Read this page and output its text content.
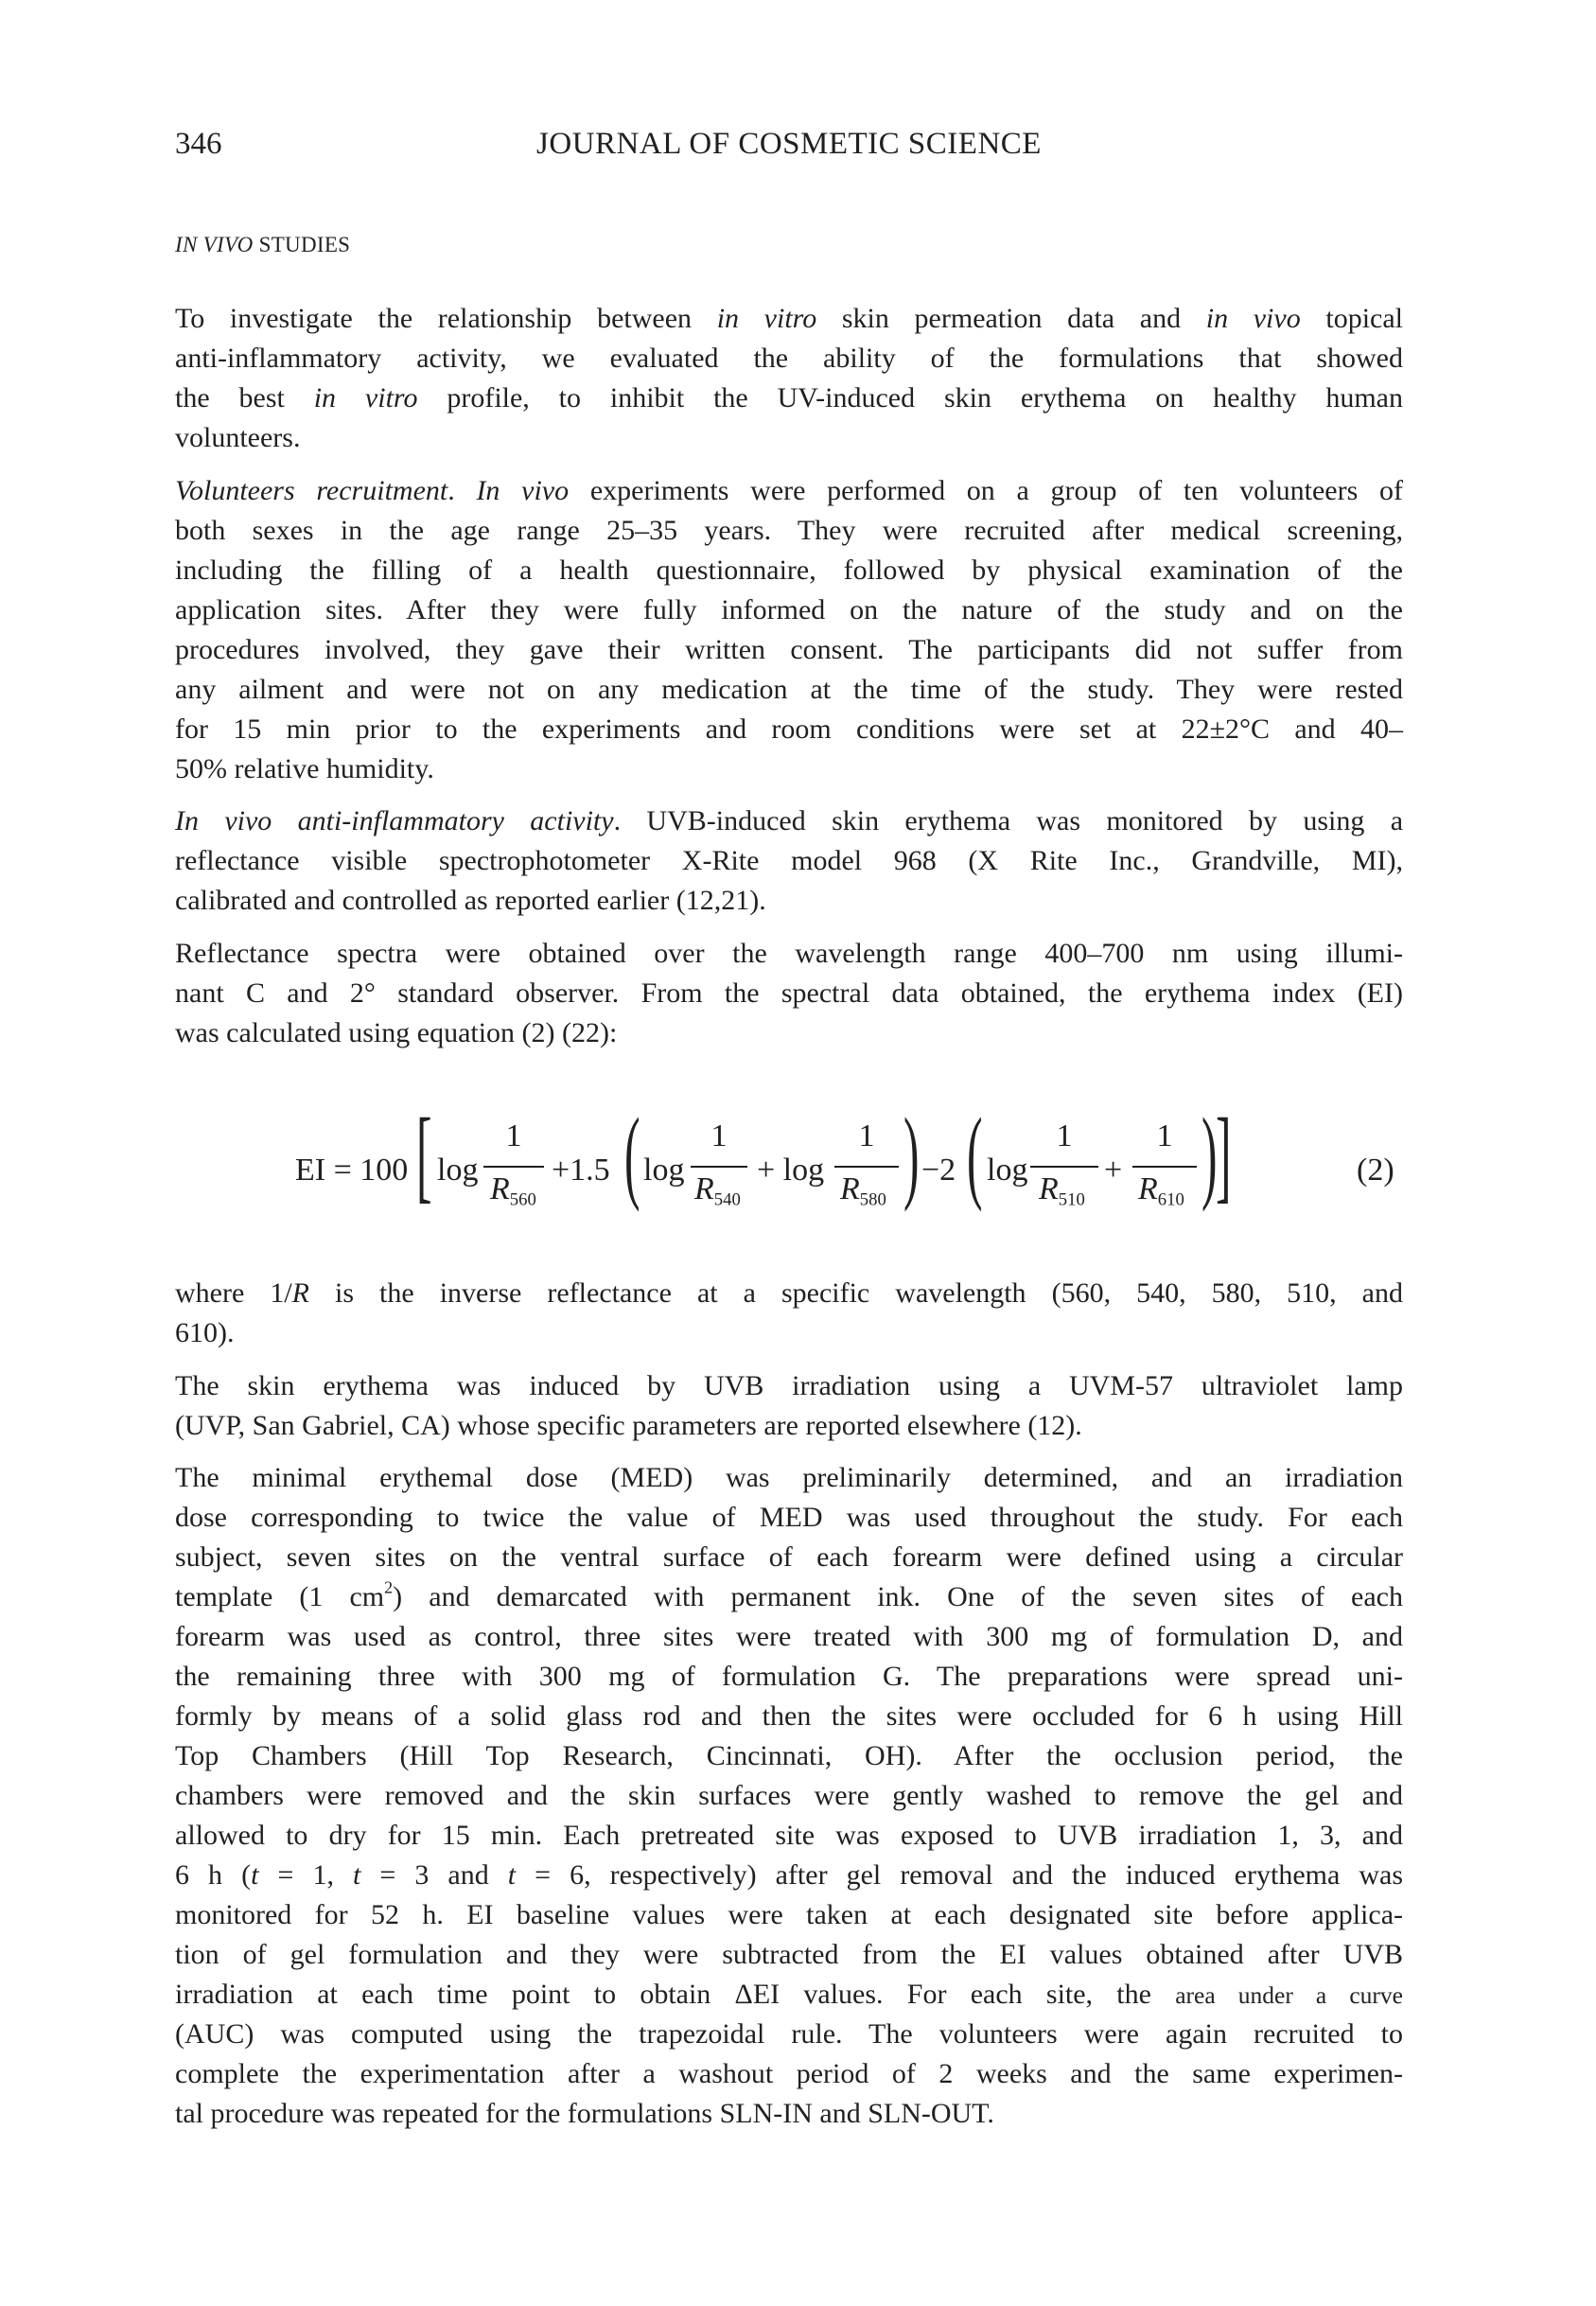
346	JOURNAL OF COSMETIC SCIENCE
IN VIVO STUDIES
To investigate the relationship between in vitro skin permeation data and in vivo topical
anti-inflammatory activity, we evaluated the ability of the formulations that showed
the best in vitro profile, to inhibit the UV-induced skin erythema on healthy human
volunteers.
Volunteers recruitment. In vivo experiments were performed on a group of ten volunteers of
both sexes in the age range 25–35 years. They were recruited after medical screening,
including the filling of a health questionnaire, followed by physical examination of the
application sites. After they were fully informed on the nature of the study and on the
procedures involved, they gave their written consent. The participants did not suffer from
any ailment and were not on any medication at the time of the study. They were rested
for 15 min prior to the experiments and room conditions were set at 22±2°C and 40–
50% relative humidity.
In vivo anti-inflammatory activity. UVB-induced skin erythema was monitored by using a
reflectance visible spectrophotometer X-Rite model 968 (X Rite Inc., Grandville, MI),
calibrated and controlled as reported earlier (12,21).
Reflectance spectra were obtained over the wavelength range 400–700 nm using illumi-
nant C and 2° standard observer. From the spectral data obtained, the erythema index (EI)
was calculated using equation (2) (22):
EI = 100 [ log
1
$R_{560}$
+1.5 ( log
1
$R_{540}$
+ log
1
$R_{580}$ ) −2 ( log
1
$R_{510}$
+
1
$R_{610}$ )
]	(2)
where 1/R is the inverse reflectance at a specific wavelength (560, 540, 580, 510, and
610).
The skin erythema was induced by UVB irradiation using a UVM-57 ultraviolet lamp
(UVP, San Gabriel, CA) whose specific parameters are reported elsewhere (12).
The minimal erythemal dose (MED) was preliminarily determined, and an irradiation
dose corresponding to twice the value of MED was used throughout the study. For each
subject, seven sites on the ventral surface of each forearm were defined using a circular
template (1 $cm^2$) and demarcated with permanent ink. One of the seven sites of each
forearm was used as control, three sites were treated with 300 mg of formulation D, and
the remaining three with 300 mg of formulation G. The preparations were spread uni-
formly by means of a solid glass rod and then the sites were occluded for 6 h using Hill
Top Chambers (Hill Top Research, Cincinnati, OH). After the occlusion period, the
chambers were removed and the skin surfaces were gently washed to remove the gel and
allowed to dry for 15 min. Each pretreated site was exposed to UVB irradiation 1, 3, and
6 h (t = 1, t = 3 and t = 6, respectively) after gel removal and the induced erythema was
monitored for 52 h. EI baseline values were taken at each designated site before applica-
tion of gel formulation and they were subtracted from the EI values obtained after UVB
irradiation at each time point to obtain ΔEI values. For each site, the area under a curve
(AUC) was computed using the trapezoidal rule. The volunteers were again recruited to
complete the experimentation after a washout period of 2 weeks and the same experimen-
tal procedure was repeated for the formulations SLN-IN and SLN-OUT.
